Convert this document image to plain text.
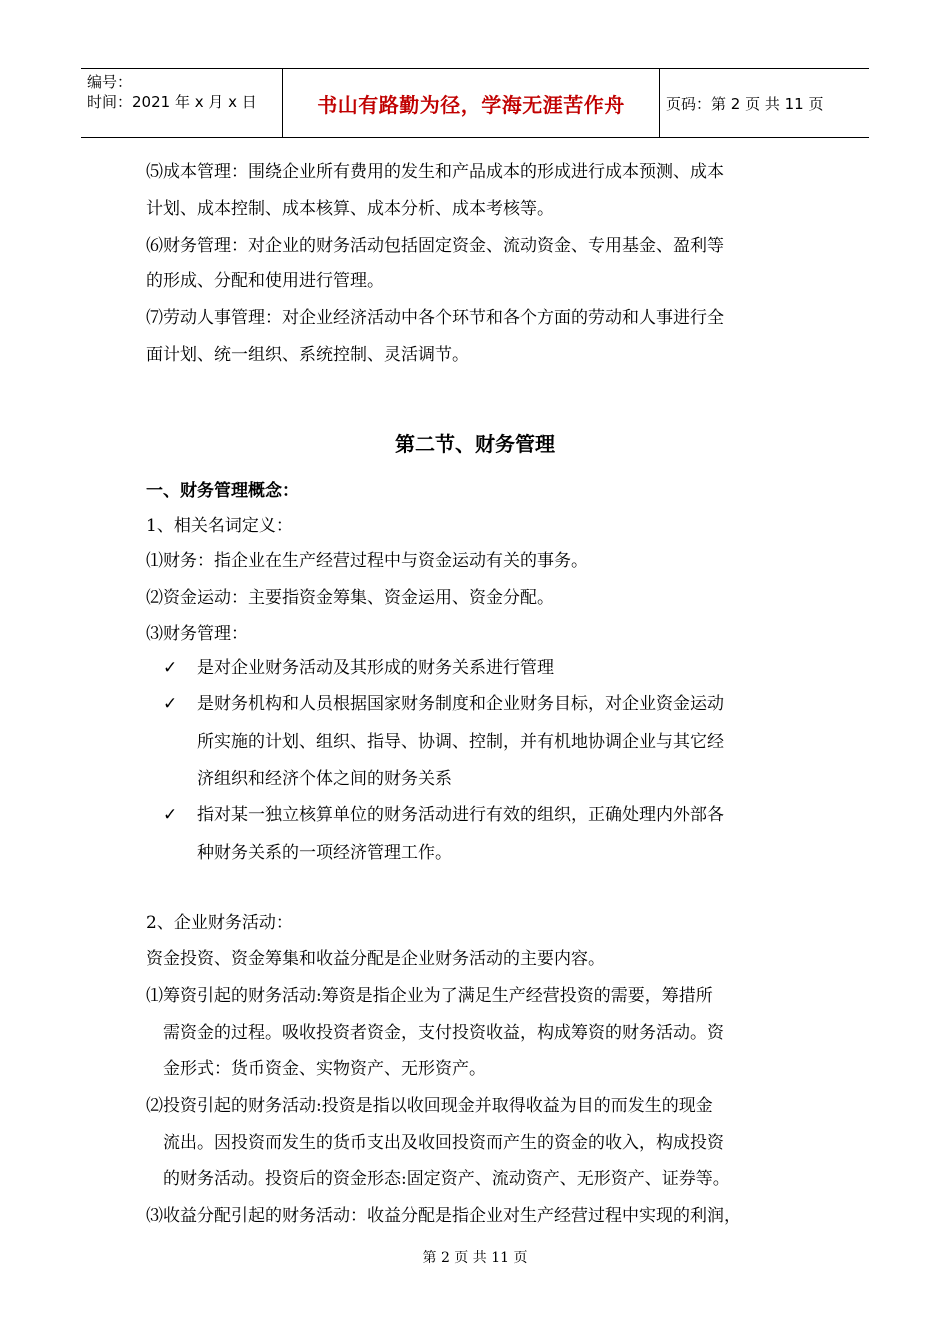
编号：
时间：2021 年 x 月 x 日	书山有路勤为径，学海无涯苦作舟	页码：第 2 页 共 11 页
⑸成本管理：围绕企业所有费用的发生和产品成本的形成进行成本预测、成本
计划、成本控制、成本核算、成本分析、成本考核等。
⑹财务管理：对企业的财务活动包括固定资金、流动资金、专用基金、盈利等
的形成、分配和使用进行管理。
⑺劳动人事管理：对企业经济活动中各个环节和各个方面的劳动和人事进行全
面计划、统一组织、系统控制、灵活调节。
第二节、财务管理
一、财务管理概念：
1、相关名词定义：
⑴财务：指企业在生产经营过程中与资金运动有关的事务。
⑵资金运动：主要指资金筹集、资金运用、资金分配。
⑶财务管理：
✓ 是对企业财务活动及其形成的财务关系进行管理
✓ 是财务机构和人员根据国家财务制度和企业财务目标，对企业资金运动
所实施的计划、组织、指导、协调、控制，并有机地协调企业与其它经
济组织和经济个体之间的财务关系
✓ 指对某一独立核算单位的财务活动进行有效的组织，正确处理内外部各
种财务关系的一项经济管理工作。
2、企业财务活动：
资金投资、资金筹集和收益分配是企业财务活动的主要内容。
⑴筹资引起的财务活动:筹资是指企业为了满足生产经营投资的需要，筹措所
需资金的过程。吸收投资者资金，支付投资收益，构成筹资的财务活动。资
金形式：货币资金、实物资产、无形资产。
⑵投资引起的财务活动:投资是指以收回现金并取得收益为目的而发生的现金
流出。因投资而发生的货币支出及收回投资而产生的资金的收入，构成投资
的财务活动。投资后的资金形态:固定资产、流动资产、无形资产、证券等。
⑶收益分配引起的财务活动：收益分配是指企业对生产经营过程中实现的利润，
第 2 页 共 11 页
